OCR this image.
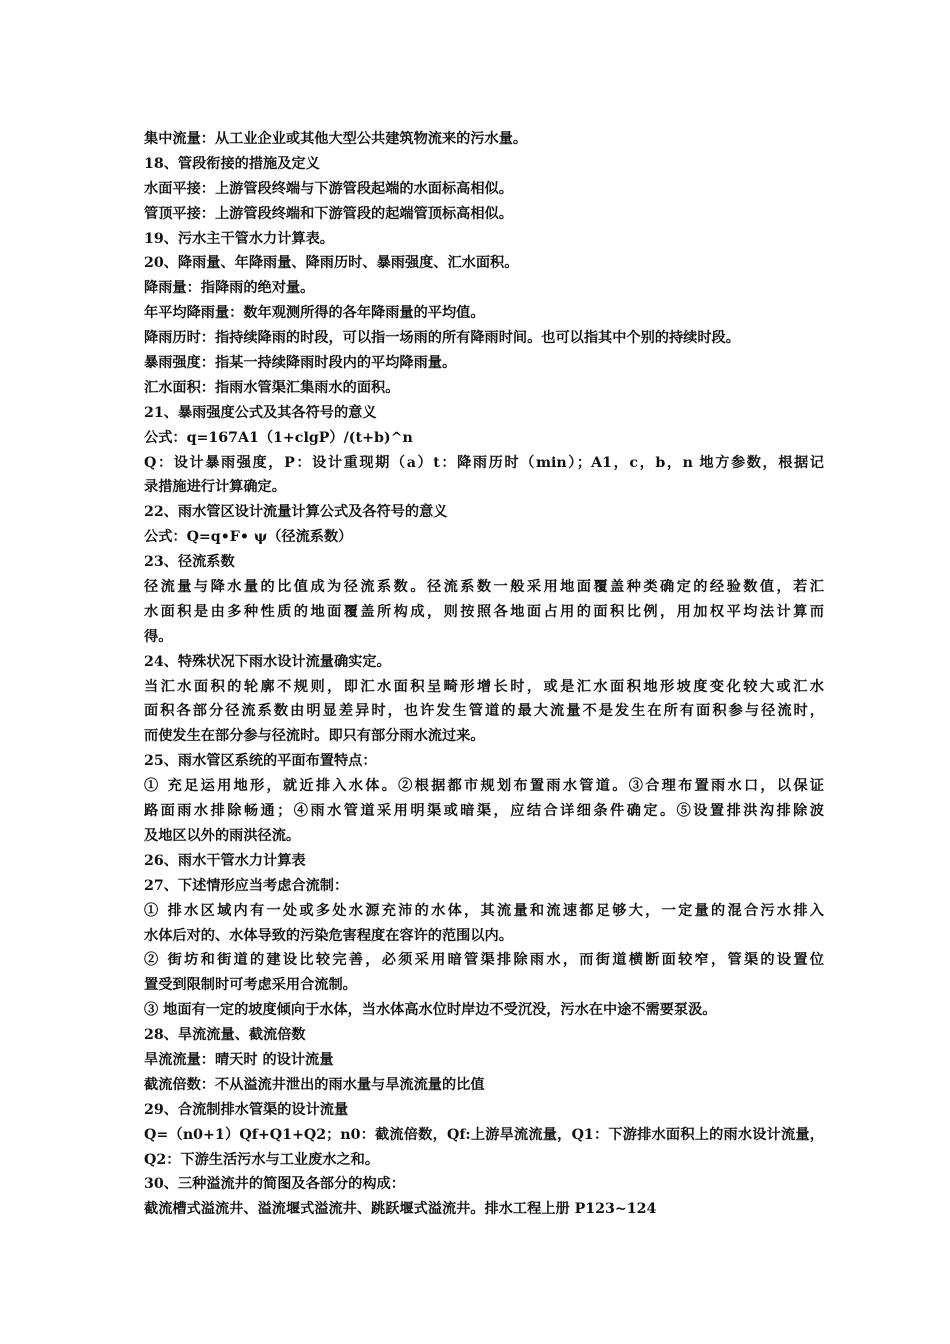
集中流量：从工业企业或其他大型公共建筑物流来的污水量。
18、管段衔接的措施及定义
水面平接：上游管段终端与下游管段起端的水面标高相似。
管顶平接：上游管段终端和下游管段的起端管顶标高相似。
19、污水主干管水力计算表。
20、降雨量、年降雨量、降雨历时、暴雨强度、汇水面积。
降雨量：指降雨的绝对量。
年平均降雨量：数年观测所得的各年降雨量的平均值。
降雨历时：指持续降雨的时段，可以指一场雨的所有降雨时间。也可以指其中个别的持续时段。
暴雨强度：指某一持续降雨时段内的平均降雨量。
汇水面积：指雨水管渠汇集雨水的面积。
21、暴雨强度公式及其各符号的意义
公式：q=167A1（1+clgP）/(t+b)^n
Q：设计暴雨强度，P：设计重现期（a）t：降雨历时（min）；A1，c，b，n 地方参数，根据记
录措施进行计算确定。
22、雨水管区设计流量计算公式及各符号的意义
公式：Q=q•F• ψ（径流系数）
23、径流系数
径流量与降水量的比值成为径流系数。径流系数一般采用地面覆盖种类确定的经验数值，若汇
水面积是由多种性质的地面覆盖所构成，则按照各地面占用的面积比例，用加权平均法计算而
得。
24、特殊状况下雨水设计流量确实定。
当汇水面积的轮廓不规则，即汇水面积呈畸形增长时，或是汇水面积地形坡度变化较大或汇水
面积各部分径流系数由明显差异时，也许发生管道的最大流量不是发生在所有面积参与径流时，
而使发生在部分参与径流时。即只有部分雨水流过来。
25、雨水管区系统的平面布置特点：
① 充足运用地形，就近排入水体。②根据都市规划布置雨水管道。③合理布置雨水口，以保证
路面雨水排除畅通；④雨水管道采用明渠或暗渠，应结合详细条件确定。⑤设置排洪沟排除波
及地区以外的雨洪径流。
26、雨水干管水力计算表
27、下述情形应当考虑合流制：
① 排水区域内有一处或多处水源充沛的水体，其流量和流速都足够大，一定量的混合污水排入
水体后对的、水体导致的污染危害程度在容许的范围以内。
② 街坊和街道的建设比较完善，必须采用暗管渠排除雨水，而街道横断面较窄，管渠的设置位
置受到限制时可考虑采用合流制。
③ 地面有一定的坡度倾向于水体，当水体高水位时岸边不受沉没，污水在中途不需要泵汲。
28、旱流流量、截流倍数
旱流流量：晴天时 的设计流量
截流倍数：不从溢流井泄出的雨水量与旱流流量的比值
29、合流制排水管渠的设计流量
Q=（n0+1）Qf+Q1+Q2；n0：截流倍数，Qf:上游旱流流量，Q1：下游排水面积上的雨水设计流量，
Q2：下游生活污水与工业废水之和。
30、三种溢流井的简图及各部分的构成：
截流槽式溢流井、溢流堰式溢流井、跳跃堰式溢流井。排水工程上册 P123~124
